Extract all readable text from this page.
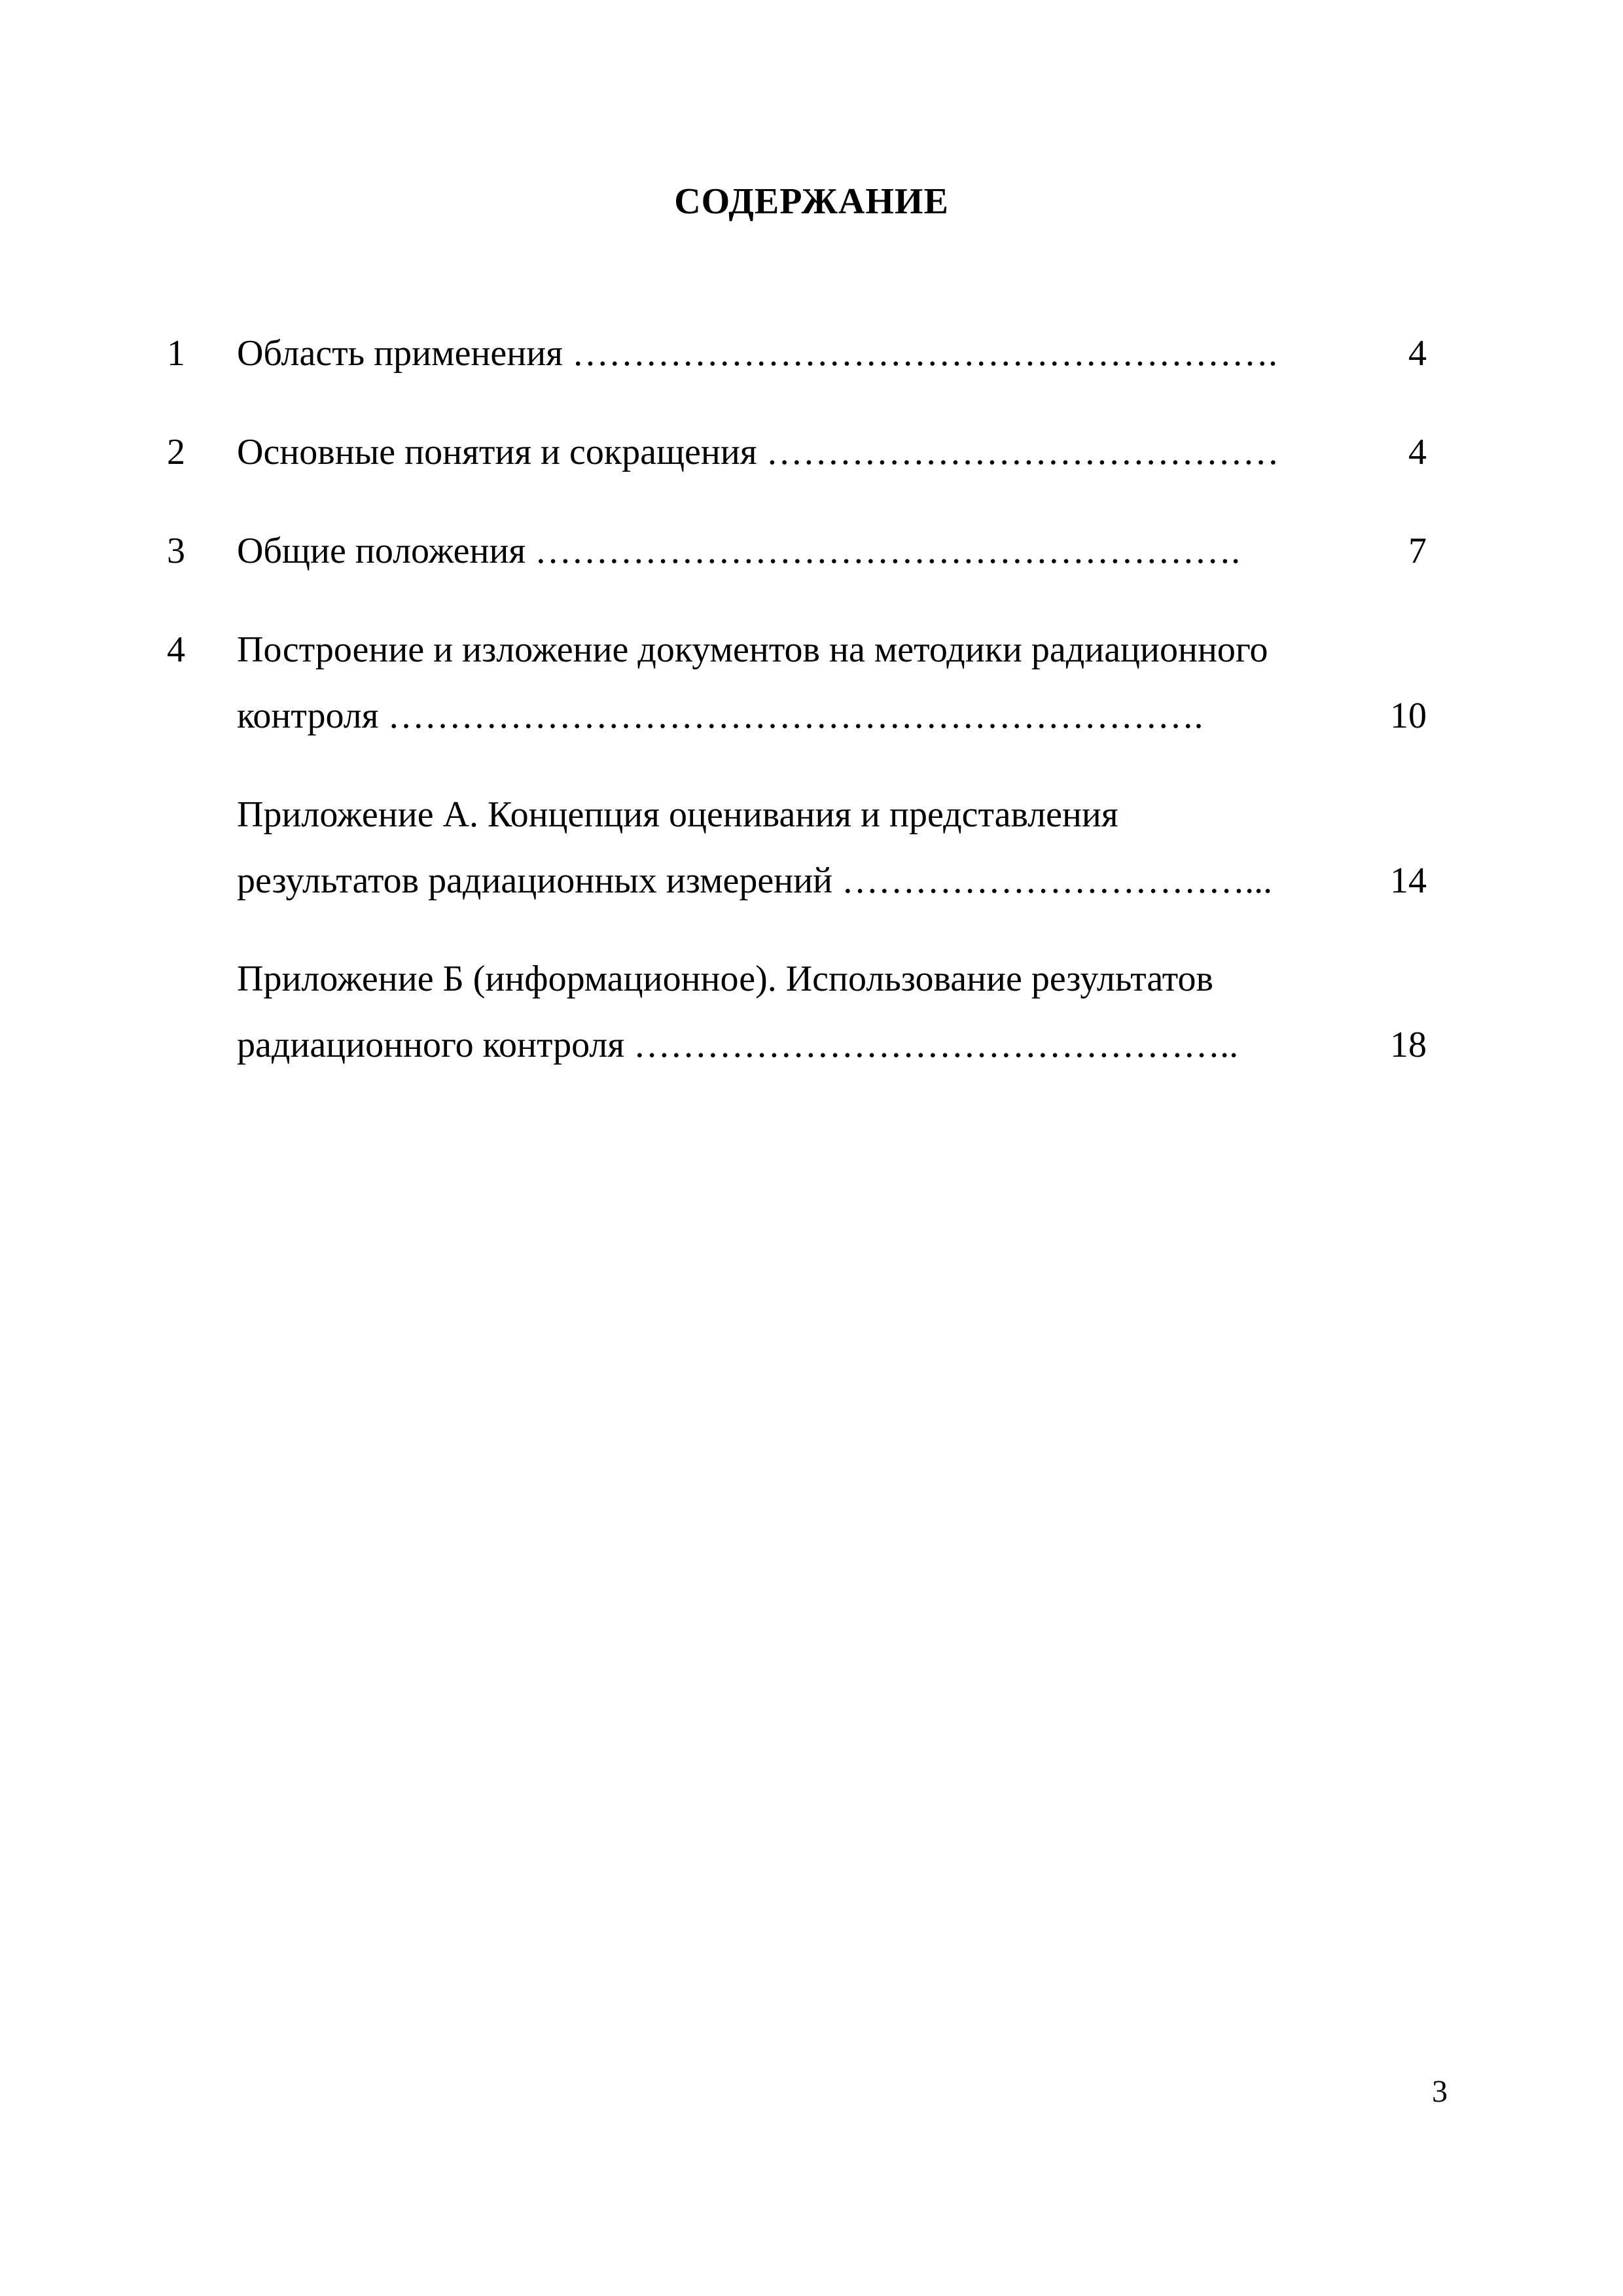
СОДЕРЖАНИЕ
1 Область применения ………………………………………………….	4
2 Основные понятия и сокращения ……………………………………	4
3 Общие положения ………………………………………………….	7
4 Построение и изложение документов на методики радиационного
контроля ………………………………………………………….	10
Приложение А. Концепция оценивания и представления
результатов радиационных измерений ……………………………...	14
Приложение Б (информационное). Использование результатов
радиационного контроля …………………………………………..	18
3
